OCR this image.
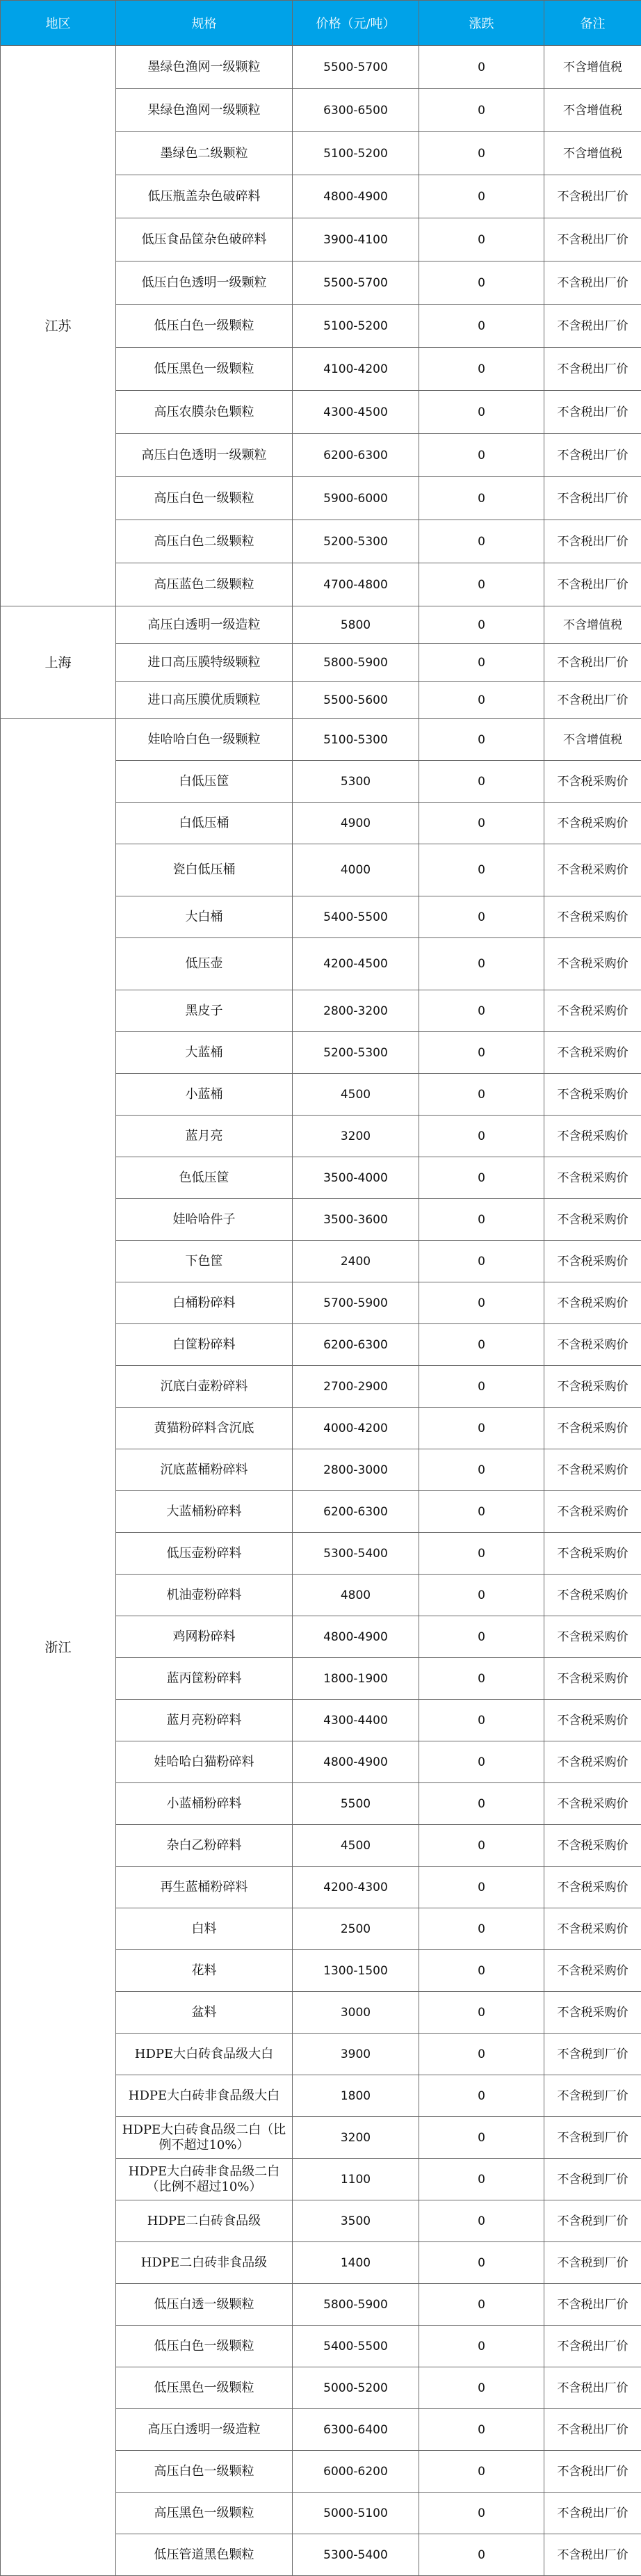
地区	规格	价格（元/吨）	涨跌	备注
江苏	墨绿色渔网一级颗粒	5500-5700	0	不含增值税
	果绿色渔网一级颗粒	6300-6500	0	不含增值税
	墨绿色二级颗粒	5100-5200	0	不含增值税
	低压瓶盖杂色破碎料	4800-4900	0	不含税出厂价
	低压食品筐杂色破碎料	3900-4100	0	不含税出厂价
	低压白色透明一级颗粒	5500-5700	0	不含税出厂价
	低压白色一级颗粒	5100-5200	0	不含税出厂价
	低压黑色一级颗粒	4100-4200	0	不含税出厂价
	高压农膜杂色颗粒	4300-4500	0	不含税出厂价
	高压白色透明一级颗粒	6200-6300	0	不含税出厂价
	高压白色一级颗粒	5900-6000	0	不含税出厂价
	高压白色二级颗粒	5200-5300	0	不含税出厂价
	高压蓝色二级颗粒	4700-4800	0	不含税出厂价
上海	高压白透明一级造粒	5800	0	不含增值税
	进口高压膜特级颗粒	5800-5900	0	不含税出厂价
	进口高压膜优质颗粒	5500-5600	0	不含税出厂价
浙江	娃哈哈白色一级颗粒	5100-5300	0	不含增值税
	白低压筐	5300	0	不含税采购价
	白低压桶	4900	0	不含税采购价
	瓷白低压桶	4000	0	不含税采购价
	大白桶	5400-5500	0	不含税采购价
	低压壶	4200-4500	0	不含税采购价
	黑皮子	2800-3200	0	不含税采购价
	大蓝桶	5200-5300	0	不含税采购价
	小蓝桶	4500	0	不含税采购价
	蓝月亮	3200	0	不含税采购价
	色低压筐	3500-4000	0	不含税采购价
	娃哈哈件子	3500-3600	0	不含税采购价
	下色筐	2400	0	不含税采购价
	白桶粉碎料	5700-5900	0	不含税采购价
	白筐粉碎料	6200-6300	0	不含税采购价
	沉底白壶粉碎料	2700-2900	0	不含税采购价
	黄猫粉碎料含沉底	4000-4200	0	不含税采购价
	沉底蓝桶粉碎料	2800-3000	0	不含税采购价
	大蓝桶粉碎料	6200-6300	0	不含税采购价
	低压壶粉碎料	5300-5400	0	不含税采购价
	机油壶粉碎料	4800	0	不含税采购价
	鸡网粉碎料	4800-4900	0	不含税采购价
	蓝丙筐粉碎料	1800-1900	0	不含税采购价
	蓝月亮粉碎料	4300-4400	0	不含税采购价
	娃哈哈白猫粉碎料	4800-4900	0	不含税采购价
	小蓝桶粉碎料	5500	0	不含税采购价
	杂白乙粉碎料	4500	0	不含税采购价
	再生蓝桶粉碎料	4200-4300	0	不含税采购价
	白料	2500	0	不含税采购价
	花料	1300-1500	0	不含税采购价
	盆料	3000	0	不含税采购价
	HDPE大白砖食品级大白	3900	0	不含税到厂价
	HDPE大白砖非食品级大白	1800	0	不含税到厂价
	HDPE大白砖食品级二白（比例不超过10%）	3200	0	不含税到厂价
	HDPE大白砖非食品级二白（比例不超过10%）	1100	0	不含税到厂价
	HDPE二白砖食品级	3500	0	不含税到厂价
	HDPE二白砖非食品级	1400	0	不含税到厂价
	低压白透一级颗粒	5800-5900	0	不含税出厂价
	低压白色一级颗粒	5400-5500	0	不含税出厂价
	低压黑色一级颗粒	5000-5200	0	不含税出厂价
	高压白透明一级造粒	6300-6400	0	不含税出厂价
	高压白色一级颗粒	6000-6200	0	不含税出厂价
	高压黑色一级颗粒	5000-5100	0	不含税出厂价
	低压管道黑色颗粒	5300-5400	0	不含税出厂价
